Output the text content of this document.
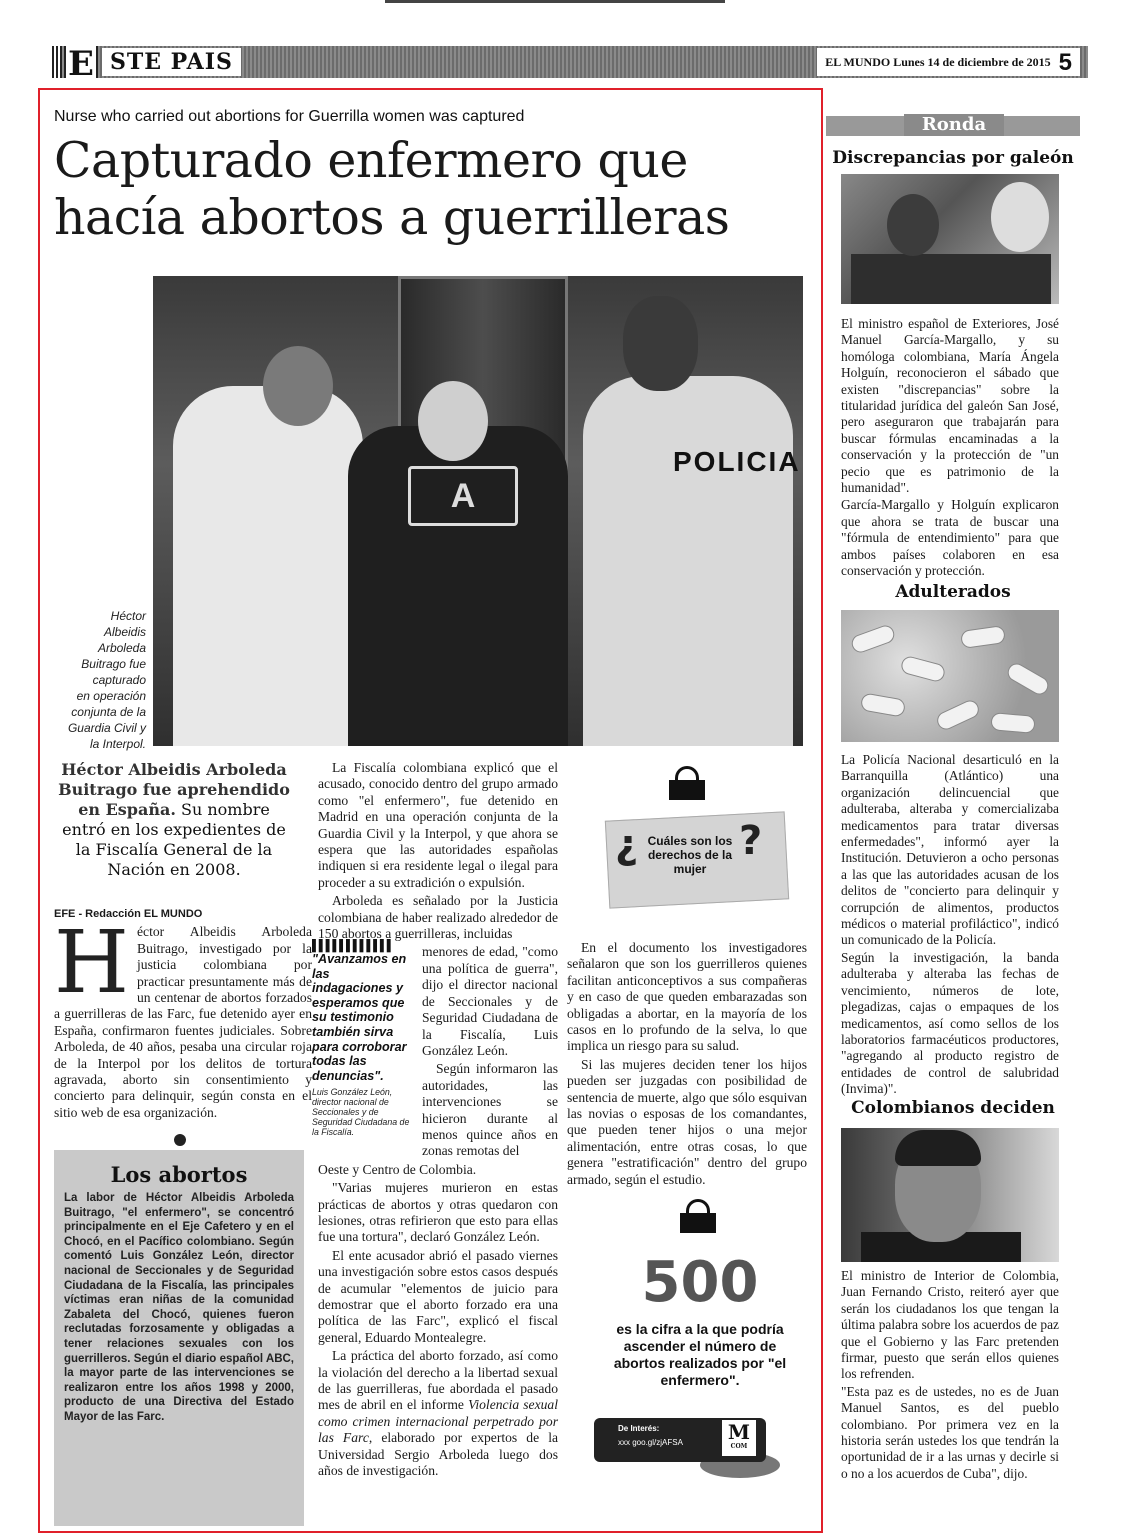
E STE PAIS	EL MUNDO Lunes 14 de diciembre de 2015 5
Nurse who carried out abortions for Guerrilla women was captured
Capturado enfermero que
hacía abortos a guerrilleras
A
POLICIA
Héctor
Albeidis
Arboleda
Buitrago fue
capturado
en operación
conjunta de la
Guardia Civil y
la Interpol.
Héctor Albeidis Arboleda Buitrago fue aprehendido en España. Su nombre entró en los expedientes de la Fiscalía General de la Nación en 2008.

EFE - Redacción EL MUNDO

Héctor Albeidis Arboleda Buitrago, investigado por la justicia colombiana por practicar presuntamente más de un centenar de abortos forzados a guerrilleras de las Farc, fue detenido ayer en España, confirmaron fuentes judiciales. Sobre Arboleda, de 40 años, pesaba una circular roja de la Interpol por los delitos de tortura agravada, aborto sin consentimiento y concierto para delinquir, según consta en el sitio web de esa organización.

La Fiscalía colombiana explicó que el acusado, conocido dentro del grupo armado como "el enfermero", fue detenido en Madrid en una operación conjunta de la Guardia Civil y la Interpol, y que ahora se espera que las autoridades españolas indiquen si era residente legal o ilegal para proceder a su extradición o expulsión.

Arboleda es señalado por la Justicia colombiana de haber realizado alrededor de 150 abortos a guerrilleras, incluidas

menores de edad, "como una política de guerra", dijo el director nacional de Seccionales y de Seguridad Ciudadana de la Fiscalía, Luis González León.

Según informaron las autoridades, las intervenciones se hicieron durante al menos quince años en zonas remotas del

Oeste y Centro de Colombia.

"Varias mujeres murieron en estas prácticas de abortos y otras quedaron con lesiones, otras refirieron que esto para ellas fue una tortura", declaró González León.

El ente acusador abrió el pasado viernes una investigación sobre estos casos después de acumular "elementos de juicio para demostrar que el aborto forzado era una política de las Farc", explicó el fiscal general, Eduardo Montealegre.

La práctica del aborto forzado, así como la violación del derecho a la libertad sexual de las guerrilleras, fue abordada el pasado mes de abril en el informe Violencia sexual como crimen internacional perpetrado por las Farc, elaborado por expertos de la Universidad Sergio Arboleda luego dos años de investigación.

▌▌▌▌▌▌▌▌▌▌▌▌
"Avanzamos en las indagaciones y esperamos que su testimonio también sirva para corroborar todas las denuncias".
Luis González León, director nacional de Seccionales y de Seguridad Ciudadana de la Fiscalía.
¿	?
Cuáles son los derechos de la mujer

En el documento los investigadores señalaron que son los guerrilleros quienes facilitan anticonceptivos a sus compañeras y en caso de que queden embarazadas son obligadas a abortar, en la mayoría de los casos en lo profundo de la selva, lo que implica un riesgo para su salud.

Si las mujeres deciden tener los hijos pueden ser juzgadas con posibilidad de sentencia de muerte, algo que sólo esquivan las novias o esposas de los comandantes, que pueden tener hijos o una mejor alimentación, entre otras cosas, lo que genera "estratificación" dentro del grupo armado, según el estudio.

500
es la cifra a la que podría ascender el número de abortos realizados por "el enfermero".
De Interés:
xxx goo.gl/zjAFSA M
COM
Los abortos
La labor de Héctor Albeidis Arboleda Buitrago, "el enfermero", se concentró principalmente en el Eje Cafetero y en el Chocó, en el Pacífico colombiano. Según comentó Luis González León, director nacional de Seccionales y de Seguridad Ciudadana de la Fiscalía, las principales víctimas eran niñas de la comunidad Zabaleta del Chocó, quienes fueron reclutadas forzosamente y obligadas a tener relaciones sexuales con los guerrilleros. Según el diario español ABC, la mayor parte de las intervenciones se realizaron entre los años 1998 y 2000, producto de una Directiva del Estado Mayor de las Farc.
Ronda
Discrepancias por galeón

El ministro español de Exteriores, José Manuel García-Margallo, y su homóloga colombiana, María Ángela Holguín, reconocieron el sábado que existen "discrepancias" sobre la titularidad jurídica del galeón San José, pero aseguraron que trabajarán para buscar fórmulas encaminadas a la conservación y la protección de "un pecio que es patrimonio de la humanidad".

García-Margallo y Holguín explicaron que ahora se trata de buscar una "fórmula de entendimiento" para que ambos países colaboren en esa conservación y protección.

Adulterados

La Policía Nacional desarticuló en la Barranquilla (Atlántico) una organización delincuencial que adulteraba, alteraba y comercializaba medicamentos para tratar diversas enfermedades", informó ayer la Institución. Detuvieron a ocho personas a las que las autoridades acusan de los delitos de "concierto para delinquir y corrupción de alimentos, productos médicos o material profiláctico", indicó un comunicado de la Policía.

Según la investigación, la banda adulteraba y alteraba las fechas de vencimiento, números de lote, plegadizas, cajas o empaques de los medicamentos, así como sellos de los laboratorios farmacéuticos productores, "agregando al producto registro de entidades de control de salubridad (Invima)".

Colombianos deciden

El ministro de Interior de Colombia, Juan Fernando Cristo, reiteró ayer que serán los ciudadanos los que tengan la última palabra sobre los acuerdos de paz que el Gobierno y las Farc pretenden firmar, puesto que serán ellos quienes los refrenden.

"Esta paz es de ustedes, no es de Juan Manuel Santos, es del pueblo colombiano. Por primera vez en la historia serán ustedes los que tendrán la oportunidad de ir a las urnas y decirle si o no a los acuerdos de Cuba", dijo.
